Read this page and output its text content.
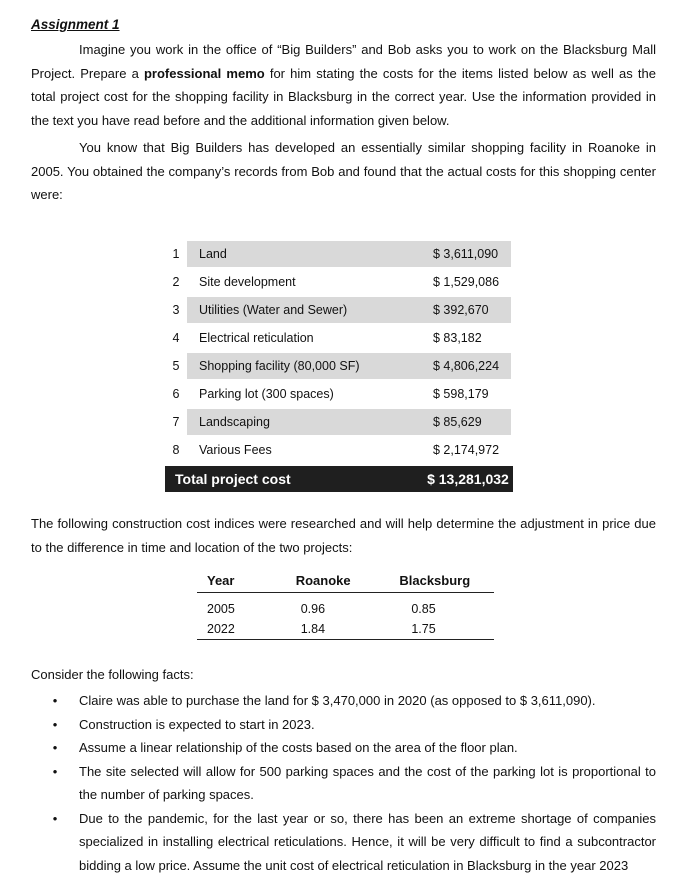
Assignment 1
Imagine you work in the office of “Big Builders” and Bob asks you to work on the Blacksburg Mall Project. Prepare a professional memo for him stating the costs for the items listed below as well as the total project cost for the shopping facility in Blacksburg in the correct year. Use the information provided in the text you have read before and the additional information given below.
You know that Big Builders has developed an essentially similar shopping facility in Roanoke in 2005. You obtained the company’s records from Bob and found that the actual costs for this shopping center were:
1	Land	$ 3,611,090
2	Site development	$ 1,529,086
3	Utilities (Water and Sewer)	$ 392,670
4	Electrical reticulation	$ 83,182
5	Shopping facility (80,000 SF)	$ 4,806,224
6	Parking lot (300 spaces)	$ 598,179
7	Landscaping	$ 85,629
8	Various Fees	$ 2,174,972
Total project cost	$ 13,281,032
The following construction cost indices were researched and will help determine the adjustment in price due to the difference in time and location of the two projects:
Year	Roanoke	Blacksburg
2005	0.96	0.85
2022	1.84	1.75
Consider the following facts:
•	Claire was able to purchase the land for $ 3,470,000 in 2020 (as opposed to $ 3,611,090).
•	Construction is expected to start in 2023.
•	Assume a linear relationship of the costs based on the area of the floor plan.
•	The site selected will allow for 500 parking spaces and the cost of the parking lot is proportional to the number of parking spaces.
•	Due to the pandemic, for the last year or so, there has been an extreme shortage of companies specialized in installing electrical reticulations. Hence, it will be very difficult to find a subcontractor bidding a low price. Assume the unit cost of electrical reticulation in Blacksburg in the year 2023
